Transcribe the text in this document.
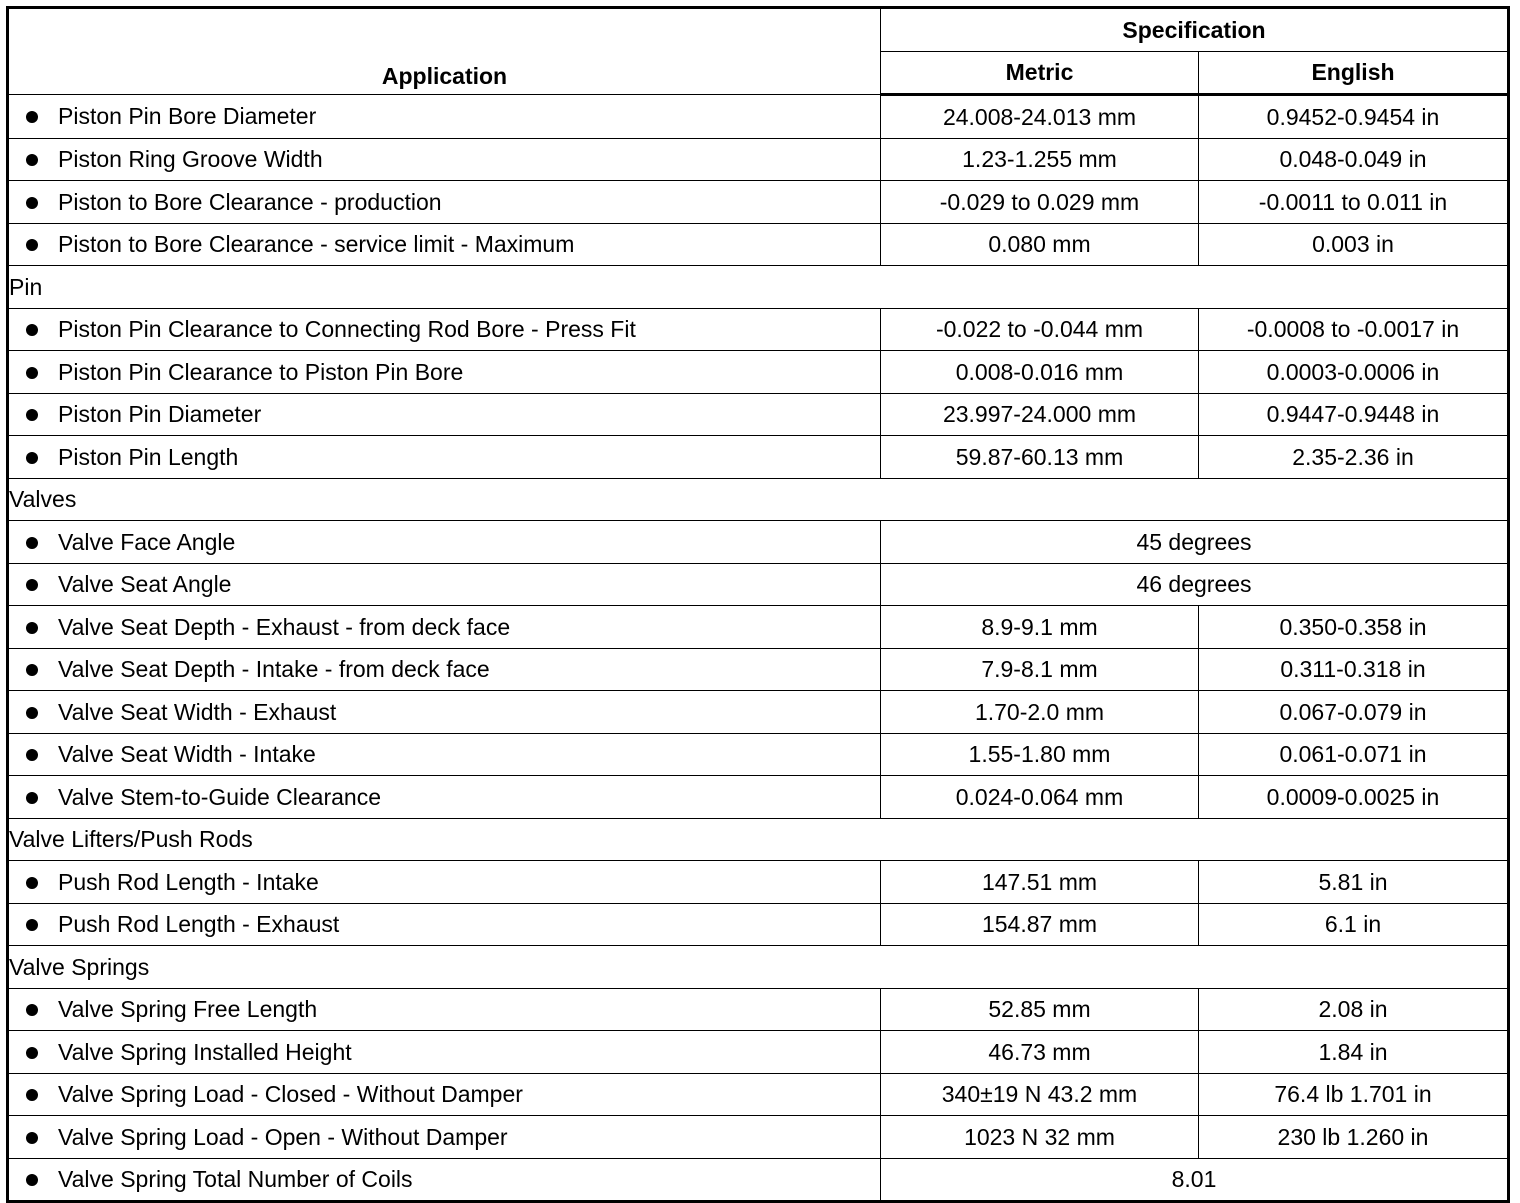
Application	Specification	
	Metric	English
Piston Pin Bore Diameter	24.008-24.013 mm	0.9452-0.9454 in
Piston Ring Groove Width	1.23-1.255 mm	0.048-0.049 in
Piston to Bore Clearance - production	-0.029 to 0.029 mm	-0.0011 to 0.011 in
Piston to Bore Clearance - service limit - Maximum	0.080 mm	0.003 in
Pin		
Piston Pin Clearance to Connecting Rod Bore - Press Fit	-0.022 to -0.044 mm	-0.0008 to -0.0017 in
Piston Pin Clearance to Piston Pin Bore	0.008-0.016 mm	0.0003-0.0006 in
Piston Pin Diameter	23.997-24.000 mm	0.9447-0.9448 in
Piston Pin Length	59.87-60.13 mm	2.35-2.36 in
Valves		
Valve Face Angle	45 degrees	
Valve Seat Angle	46 degrees	
Valve Seat Depth - Exhaust - from deck face	8.9-9.1 mm	0.350-0.358 in
Valve Seat Depth - Intake - from deck face	7.9-8.1 mm	0.311-0.318 in
Valve Seat Width - Exhaust	1.70-2.0 mm	0.067-0.079 in
Valve Seat Width - Intake	1.55-1.80 mm	0.061-0.071 in
Valve Stem-to-Guide Clearance	0.024-0.064 mm	0.0009-0.0025 in
Valve Lifters/Push Rods		
Push Rod Length - Intake	147.51 mm	5.81 in
Push Rod Length - Exhaust	154.87 mm	6.1 in
Valve Springs		
Valve Spring Free Length	52.85 mm	2.08 in
Valve Spring Installed Height	46.73 mm	1.84 in
Valve Spring Load - Closed - Without Damper	340±19 N 43.2 mm	76.4 lb 1.701 in
Valve Spring Load - Open - Without Damper	1023 N 32 mm	230 lb 1.260 in
Valve Spring Total Number of Coils	8.01	
